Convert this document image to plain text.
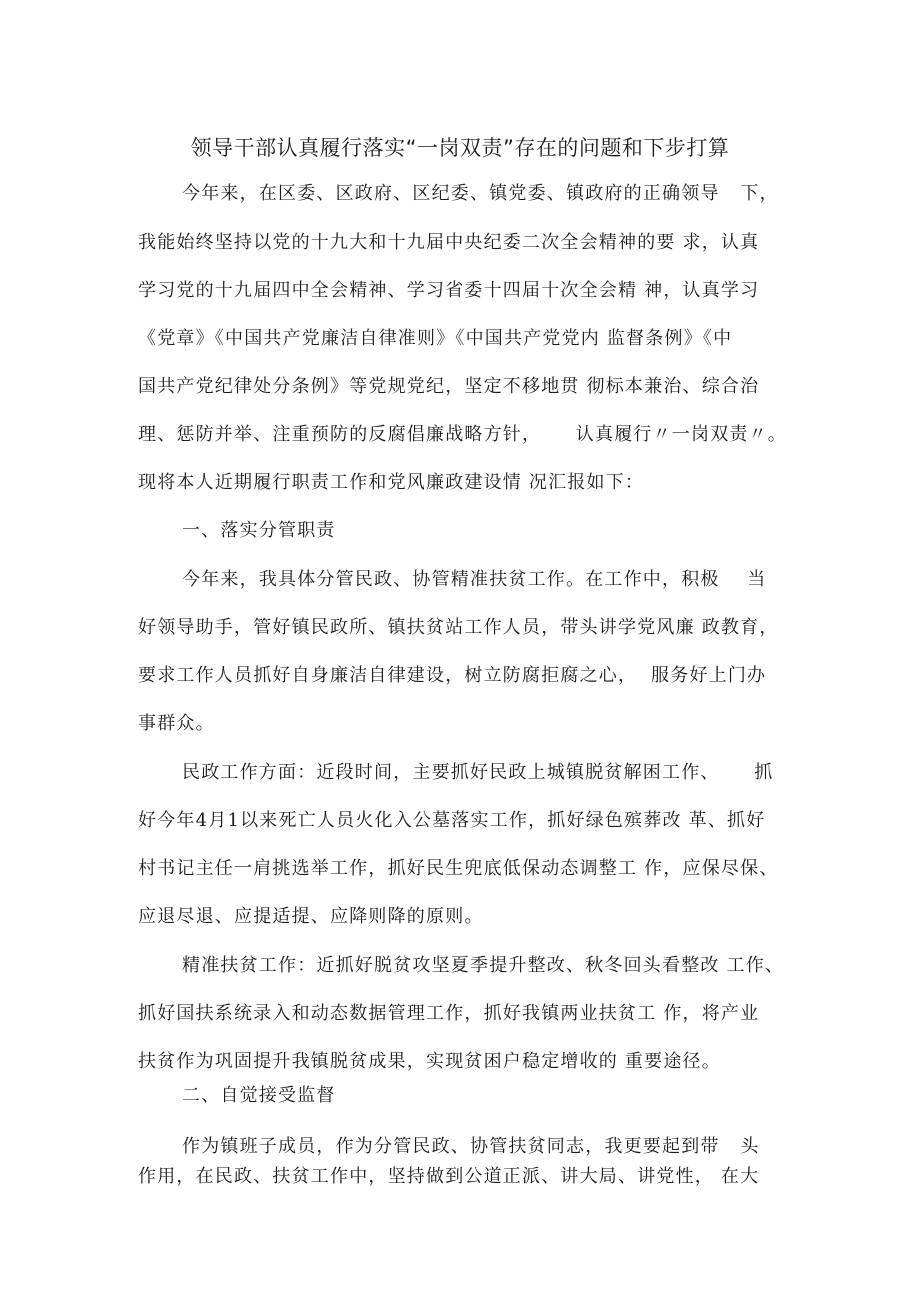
领导干部认真履行落实“一岗双责”存在的问题和下步打算
今年来，在区委、区政府、区纪委、镇党委、镇政府的正确领导   下，
我能始终坚持以党的十九大和十九届中央纪委二次全会精神的要 求，认真
学习党的十九届四中全会精神、学习省委十四届十次全会精 神，认真学习
《党章》《中国共产党廉洁自律准则》《中国共产党党内 监督条例》《中
国共产党纪律处分条例》等党规党纪，坚定不移地贯 彻标本兼治、综合治
理、惩防并举、注重预防的反腐倡廉战略方针，     认真履行〃一岗双责〃。
现将本人近期履行职责工作和党风廉政建设情 况汇报如下：
一、落实分管职责
今年来，我具体分管民政、协管精准扶贫工作。在工作中，积极    当
好领导助手，管好镇民政所、镇扶贫站工作人员，带头讲学党风廉 政教育，
要求工作人员抓好自身廉洁自律建设，树立防腐拒腐之心，  服务好上门办
事群众。
民政工作方面：近段时间，主要抓好民政上城镇脱贫解困工作、     抓
好今年4月1以来死亡人员火化入公墓落实工作，抓好绿色殡葬改 革、抓好
村书记主任一肩挑选举工作，抓好民生兜底低保动态调整工 作，应保尽保、
应退尽退、应提适提、应降则降的原则。
精准扶贫工作：近抓好脱贫攻坚夏季提升整改、秋冬回头看整改 工作、
抓好国扶系统录入和动态数据管理工作，抓好我镇两业扶贫工 作，将产业
扶贫作为巩固提升我镇脱贫成果，实现贫困户稳定增收的 重要途径。
二、自觉接受监督
作为镇班子成员，作为分管民政、协管扶贫同志，我更要起到带   头
作用，在民政、扶贫工作中，坚持做到公道正派、讲大局、讲党性， 在大
